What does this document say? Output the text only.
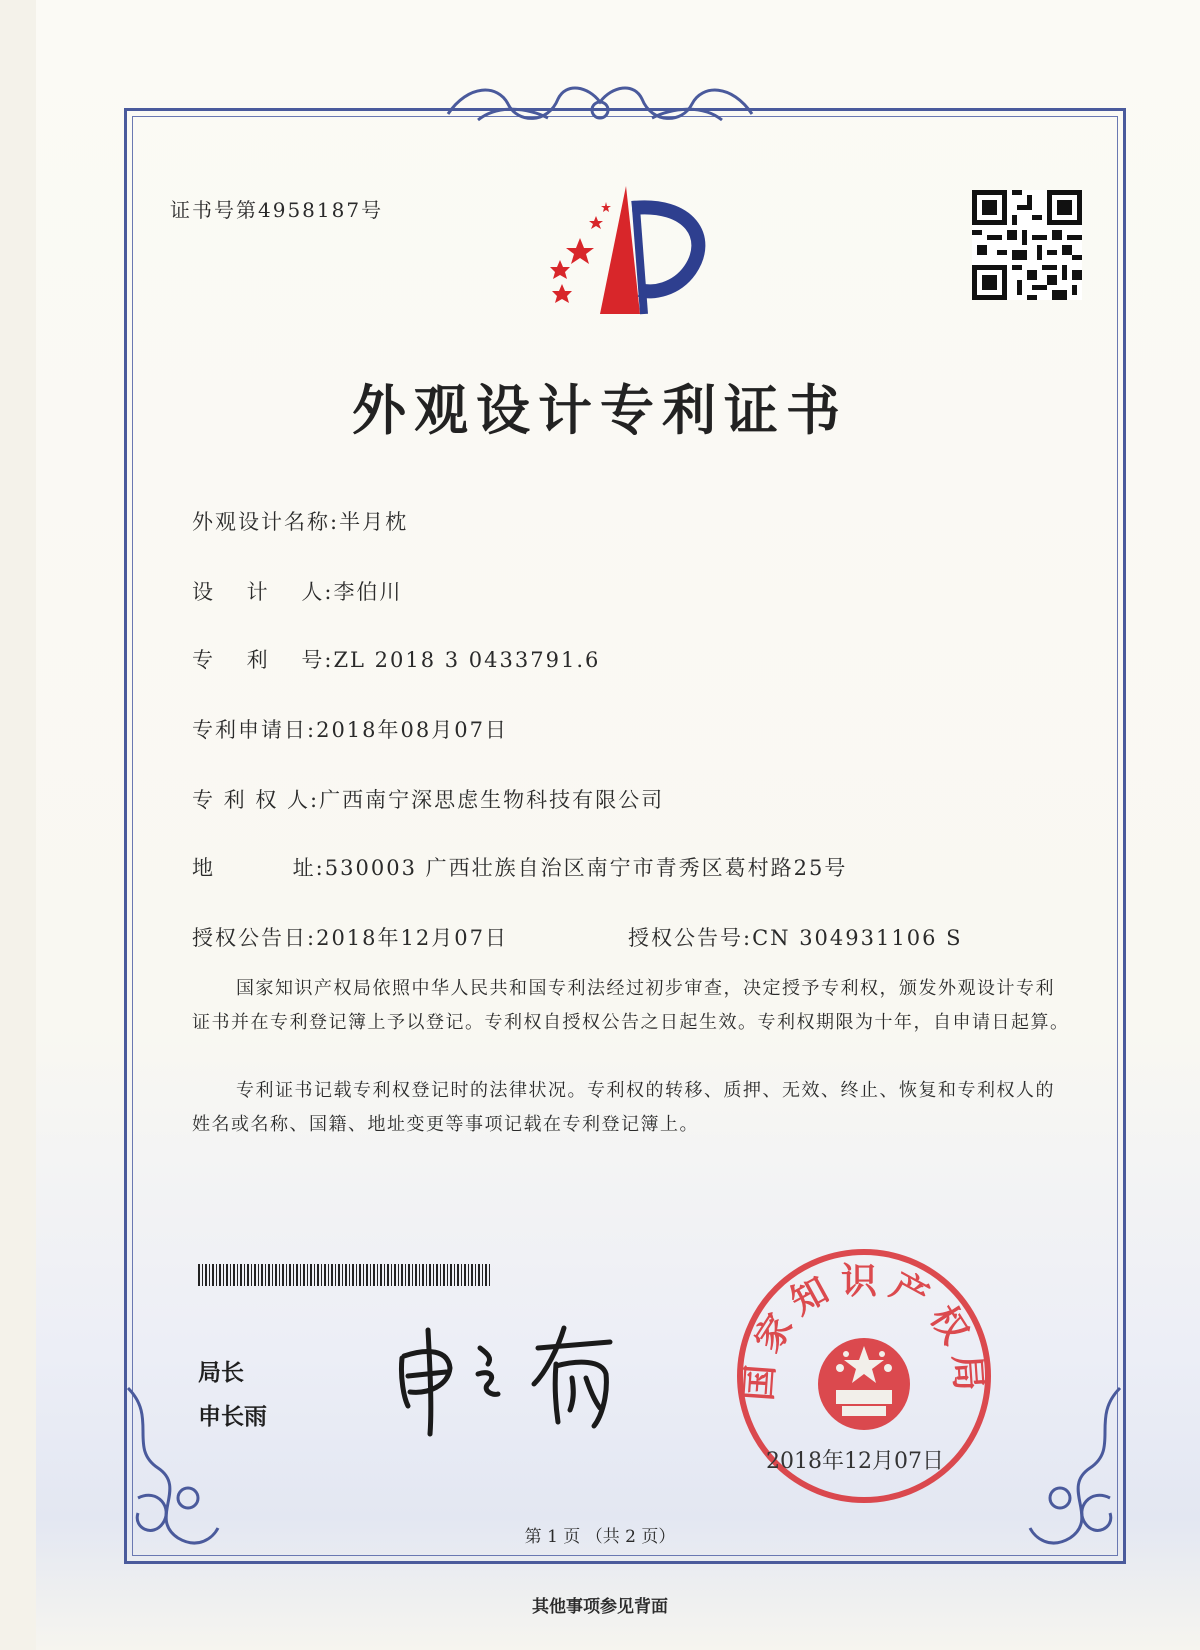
证书号第4958187号
外观设计专利证书
外观设计名称:半月枕
设　 计　 人:李伯川
专　 利　 号:ZL 2018 3 0433791.6
专利申请日:2018年08月07日
专 利 权 人:广西南宁深思虑生物科技有限公司
地　　　 址:530003 广西壮族自治区南宁市青秀区葛村路25号
授权公告日:2018年12月07日	授权公告号:CN 304931106 S
国家知识产权局依照中华人民共和国专利法经过初步审查，决定授予专利权，颁发外观设计专利证书并在专利登记簿上予以登记。专利权自授权公告之日起生效。专利权期限为十年，自申请日起算。
专利证书记载专利权登记时的法律状况。专利权的转移、质押、无效、终止、恢复和专利权人的姓名或名称、国籍、地址变更等事项记载在专利登记簿上。
局长
申长雨
国家知识产权局
2018年12月07日
第 1 页 （共 2 页）
其他事项参见背面
